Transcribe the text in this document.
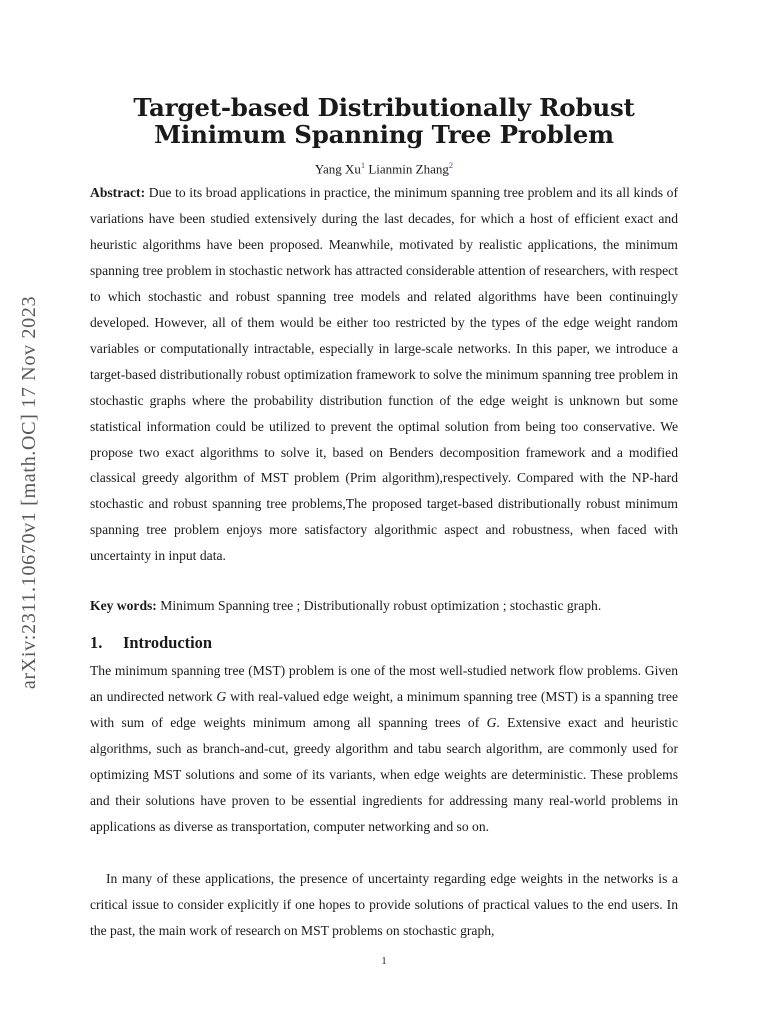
arXiv:2311.10670v1 [math.OC] 17 Nov 2023
Target-based Distributionally Robust
Minimum Spanning Tree Problem
Yang Xu$^1$ Lianmin Zhang$^2$
Abstract: Due to its broad applications in practice, the minimum spanning tree problem and its all kinds of variations have been studied extensively during the last decades, for which a host of efficient exact and heuristic algorithms have been proposed. Meanwhile, motivated by realistic applications, the minimum spanning tree problem in stochastic network has attracted considerable attention of researchers, with respect to which stochastic and robust spanning tree models and related algorithms have been continuingly developed. However, all of them would be either too restricted by the types of the edge weight random variables or computationally intractable, especially in large-scale networks. In this paper, we introduce a target-based distributionally robust optimization framework to solve the minimum spanning tree problem in stochastic graphs where the probability distribution function of the edge weight is unknown but some statistical information could be utilized to prevent the optimal solution from being too conservative. We propose two exact algorithms to solve it, based on Benders decomposition framework and a modified classical greedy algorithm of MST problem (Prim algorithm),respectively. Compared with the NP-hard stochastic and robust spanning tree problems,The proposed target-based distributionally robust minimum spanning tree problem enjoys more satisfactory algorithmic aspect and robustness, when faced with uncertainty in input data.
Key words: Minimum Spanning tree ; Distributionally robust optimization ; stochastic graph.
1. Introduction
The minimum spanning tree (MST) problem is one of the most well-studied network flow problems. Given an undirected network G with real-valued edge weight, a minimum spanning tree (MST) is a spanning tree with sum of edge weights minimum among all spanning trees of G. Extensive exact and heuristic algorithms, such as branch-and-cut, greedy algorithm and tabu search algorithm, are commonly used for optimizing MST solutions and some of its variants, when edge weights are deterministic. These problems and their solutions have proven to be essential ingredients for addressing many real-world problems in applications as diverse as transportation, computer networking and so on.
In many of these applications, the presence of uncertainty regarding edge weights in the networks is a critical issue to consider explicitly if one hopes to provide solutions of practical values to the end users. In the past, the main work of research on MST problems on stochastic graph,
1
